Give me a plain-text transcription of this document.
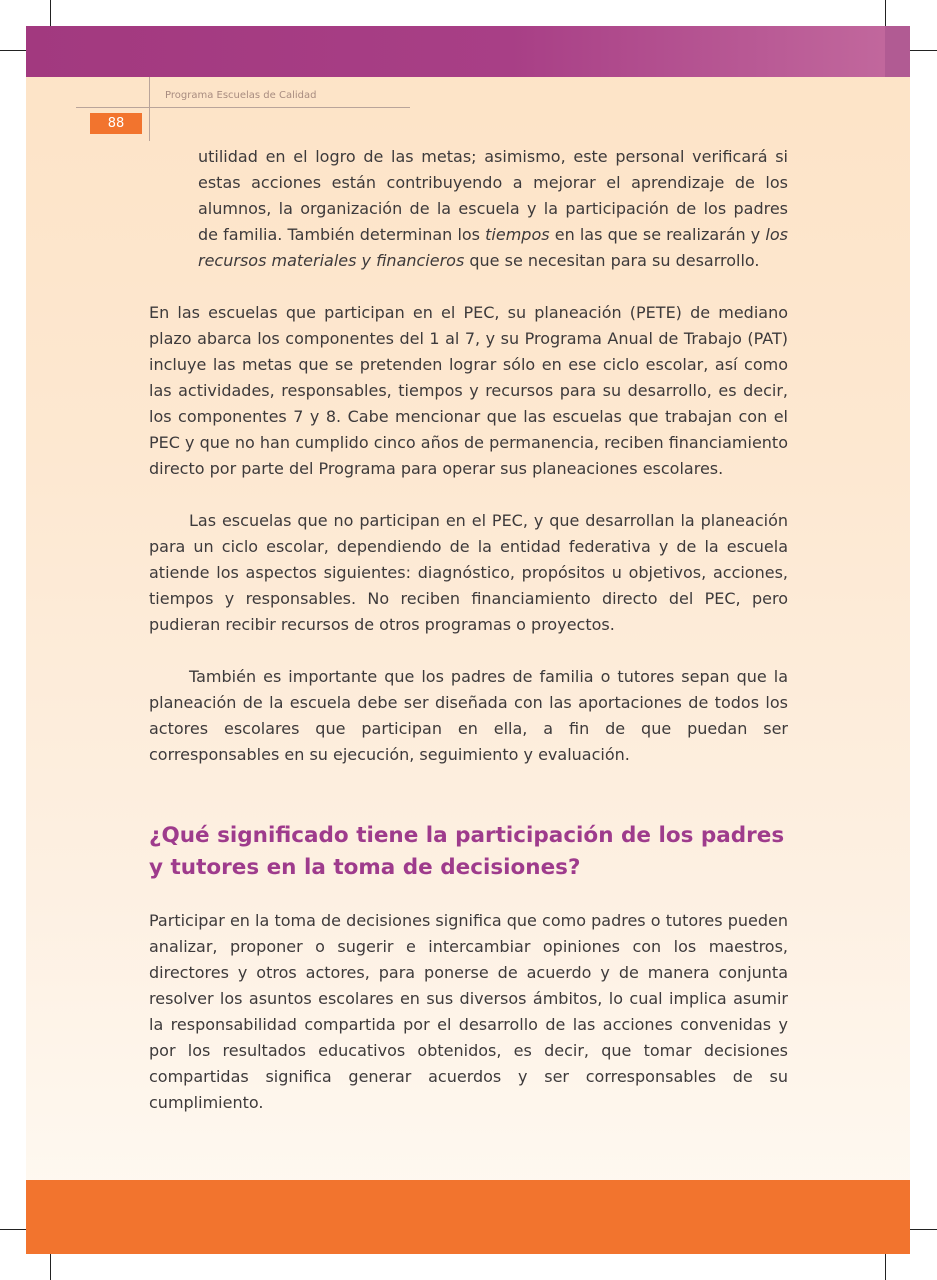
Programa Escuelas de Calidad
88

utilidad en el logro de las metas; asimismo, este personal verificará si estas acciones están contribuyendo a mejorar el aprendizaje de los alumnos, la organización de la escuela y la participación de los padres de familia. También determinan los tiempos en las que se realizarán y los recursos materiales y financieros que se necesitan para su desarrollo.

En las escuelas que participan en el PEC, su planeación (PETE) de mediano plazo abarca los componentes del 1 al 7, y su Programa Anual de Trabajo (PAT) incluye las metas que se pretenden lograr sólo en ese ciclo escolar, así como las actividades, responsables, tiempos y recursos para su desarrollo, es decir, los componentes 7 y 8. Cabe mencionar que las escuelas que trabajan con el PEC y que no han cumplido cinco años de permanencia, reciben financiamiento directo por parte del Programa para operar sus planeaciones escolares.

Las escuelas que no participan en el PEC, y que desarrollan la planeación para un ciclo escolar, dependiendo de la entidad federativa y de la escuela atiende los aspectos siguientes: diagnóstico, propósitos u objetivos, acciones, tiempos y responsables. No reciben financiamiento directo del PEC, pero pudieran recibir recursos de otros programas o proyectos.

También es importante que los padres de familia o tutores sepan que la planeación de la escuela debe ser diseñada con las aportaciones de todos los actores escolares que participan en ella, a fin de que puedan ser corresponsables en su ejecución, seguimiento y evaluación.

¿Qué significado tiene la participación de los padres y tutores en la toma de decisiones?

Participar en la toma de decisiones significa que como padres o tutores pueden analizar, proponer o sugerir e intercambiar opiniones con los maestros, directores y otros actores, para ponerse de acuerdo y de manera conjunta resolver los asuntos escolares en sus diversos ámbitos, lo cual implica asumir la responsabilidad compartida por el desarrollo de las acciones convenidas y por los resultados educativos obtenidos, es decir, que tomar decisiones compartidas significa generar acuerdos y ser corresponsables de su cumplimiento.
